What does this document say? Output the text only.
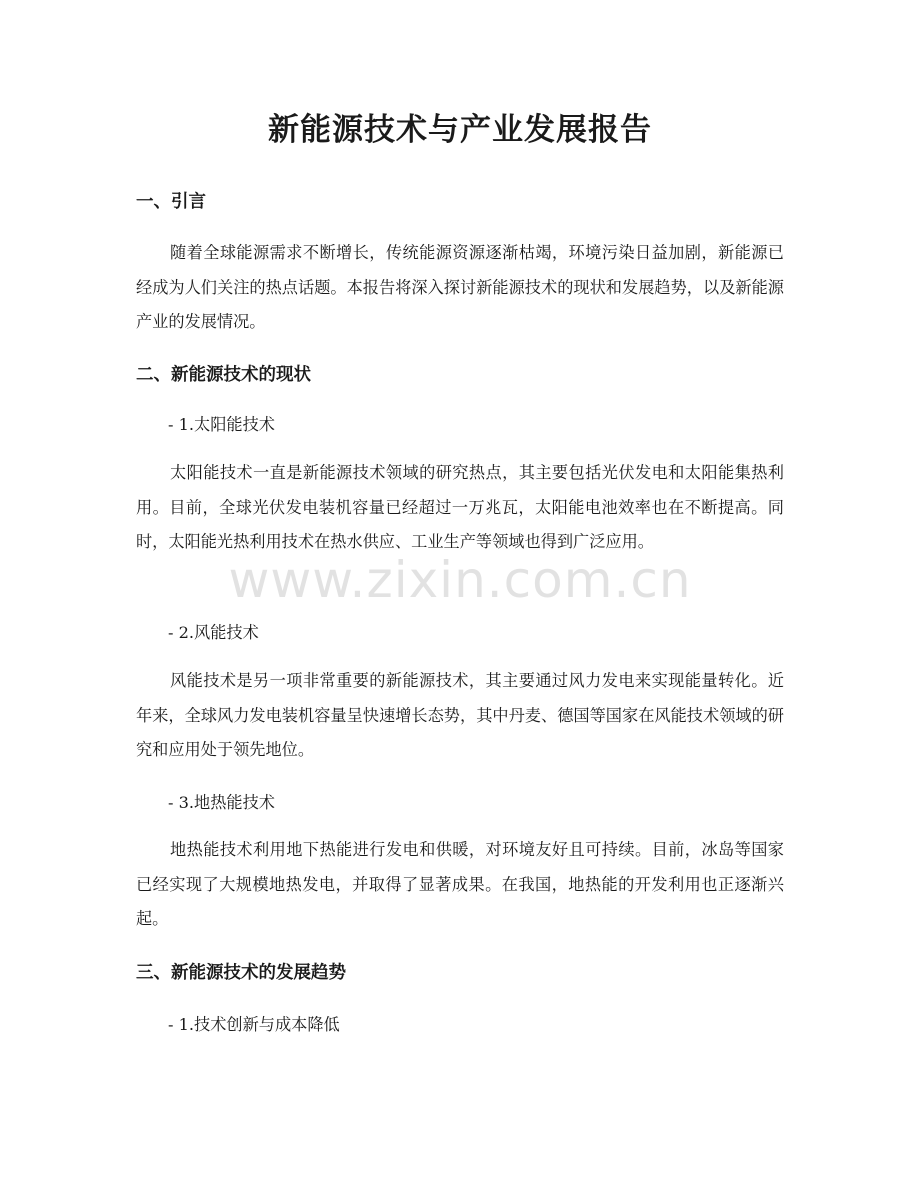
新能源技术与产业发展报告
一、引言

随着全球能源需求不断增长，传统能源资源逐渐枯竭，环境污染日益加剧，新能源已经成为人们关注的热点话题。本报告将深入探讨新能源技术的现状和发展趋势，以及新能源产业的发展情况。

二、新能源技术的现状

- 1.太阳能技术

太阳能技术一直是新能源技术领域的研究热点，其主要包括光伏发电和太阳能集热利用。目前，全球光伏发电装机容量已经超过一万兆瓦，太阳能电池效率也在不断提高。同时，太阳能光热利用技术在热水供应、工业生产等领域也得到广泛应用。

- 2.风能技术

风能技术是另一项非常重要的新能源技术，其主要通过风力发电来实现能量转化。近年来，全球风力发电装机容量呈快速增长态势，其中丹麦、德国等国家在风能技术领域的研究和应用处于领先地位。

- 3.地热能技术

地热能技术利用地下热能进行发电和供暖，对环境友好且可持续。目前，冰岛等国家已经实现了大规模地热发电，并取得了显著成果。在我国，地热能的开发利用也正逐渐兴起。

三、新能源技术的发展趋势

- 1.技术创新与成本降低

www.zixin.com.cn
